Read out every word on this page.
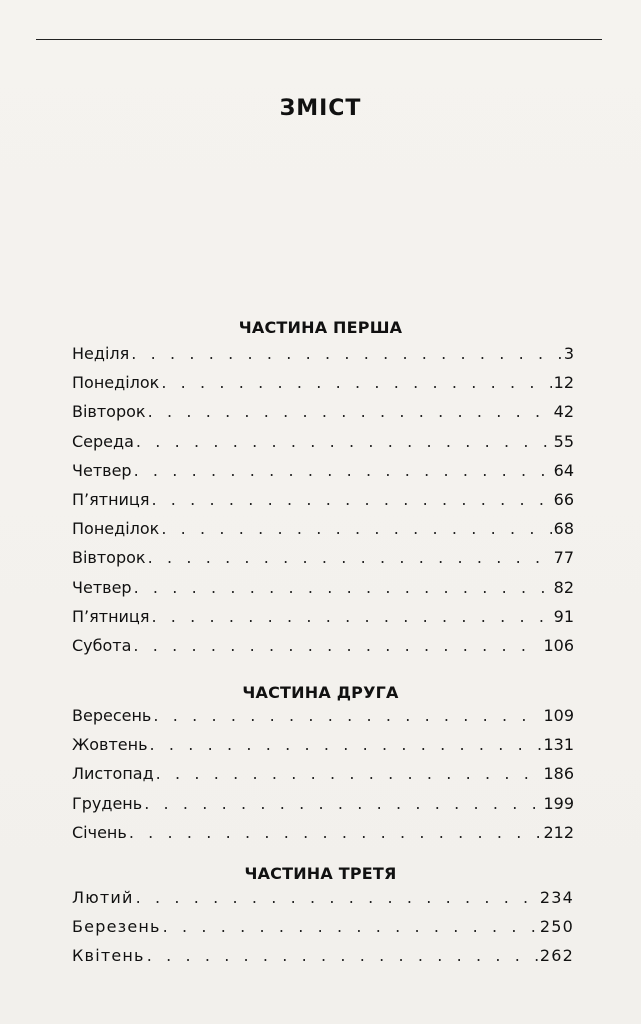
ЗМІСТ
ЧАСТИНА ПЕРША
Неділя . . .	3
Понеділок . . .	12
Вівторок . . .	42
Середа . . .	55
Четвер . . .	64
П’ятниця . . .	66
Понеділок . . .	68
Вівторок . . .	77
Четвер . . .	82
П’ятниця . . .	91
Субота . . .	106
ЧАСТИНА ДРУГА
Вересень . . .	109
Жовтень . . .	131
Листопад . . .	186
Грудень . . .	199
Січень . . .	212
ЧАСТИНА ТРЕТЯ
Лютий . . .	234
Березень . . .	250
Квітень . . .	262
